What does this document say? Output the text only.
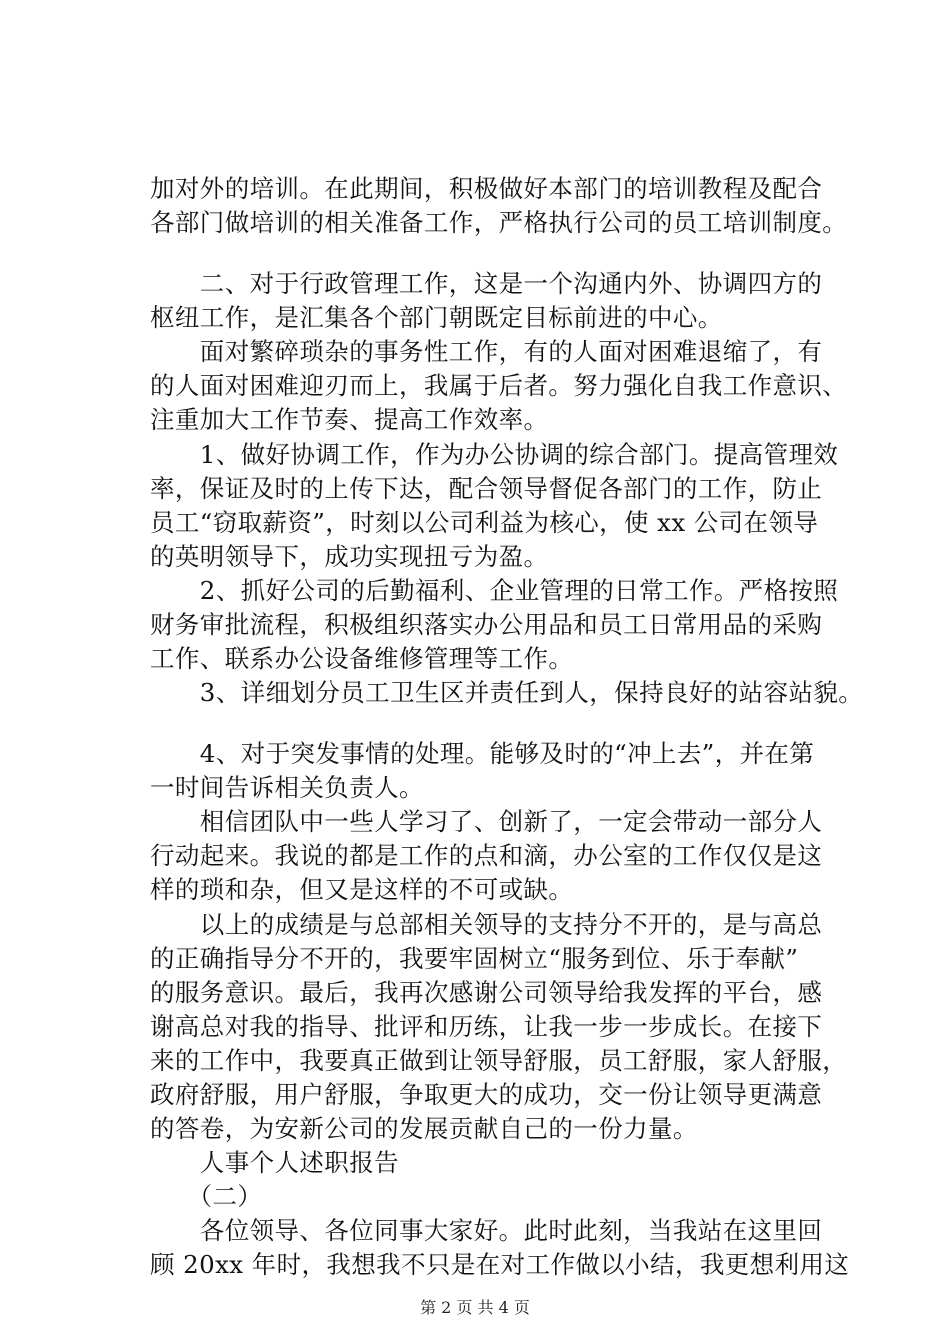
加对外的培训。在此期间，积极做好本部门的培训教程及配合
各部门做培训的相关准备工作，严格执行公司的员工培训制度。
　　二、对于行政管理工作，这是一个沟通内外、协调四方的
枢纽工作，是汇集各个部门朝既定目标前进的中心。
　　面对繁碎琐杂的事务性工作，有的人面对困难退缩了，有
的人面对困难迎刃而上，我属于后者。努力强化自我工作意识、
注重加大工作节奏、提高工作效率。
　　1、做好协调工作，作为办公协调的综合部门。提高管理效
率，保证及时的上传下达，配合领导督促各部门的工作，防止
员工“窃取薪资”，时刻以公司利益为核心，使 xx 公司在领导
的英明领导下，成功实现扭亏为盈。
　　2、抓好公司的后勤福利、企业管理的日常工作。严格按照
财务审批流程，积极组织落实办公用品和员工日常用品的采购
工作、联系办公设备维修管理等工作。
　　3、详细划分员工卫生区并责任到人，保持良好的站容站貌。
　　4、对于突发事情的处理。能够及时的“冲上去”，并在第
一时间告诉相关负责人。
　　相信团队中一些人学习了、创新了，一定会带动一部分人
行动起来。我说的都是工作的点和滴，办公室的工作仅仅是这
样的琐和杂，但又是这样的不可或缺。
　　以上的成绩是与总部相关领导的支持分不开的，是与高总
的正确指导分不开的，我要牢固树立“服务到位、乐于奉献”
的服务意识。最后，我再次感谢公司领导给我发挥的平台，感
谢高总对我的指导、批评和历练，让我一步一步成长。在接下
来的工作中，我要真正做到让领导舒服，员工舒服，家人舒服，
政府舒服，用户舒服，争取更大的成功，交一份让领导更满意
的答卷，为安新公司的发展贡献自己的一份力量。
　　人事个人述职报告
　　（二）
　　各位领导、各位同事大家好。此时此刻，当我站在这里回
顾 20xx 年时，我想我不只是在对工作做以小结，我更想利用这
第 2 页 共 4 页
